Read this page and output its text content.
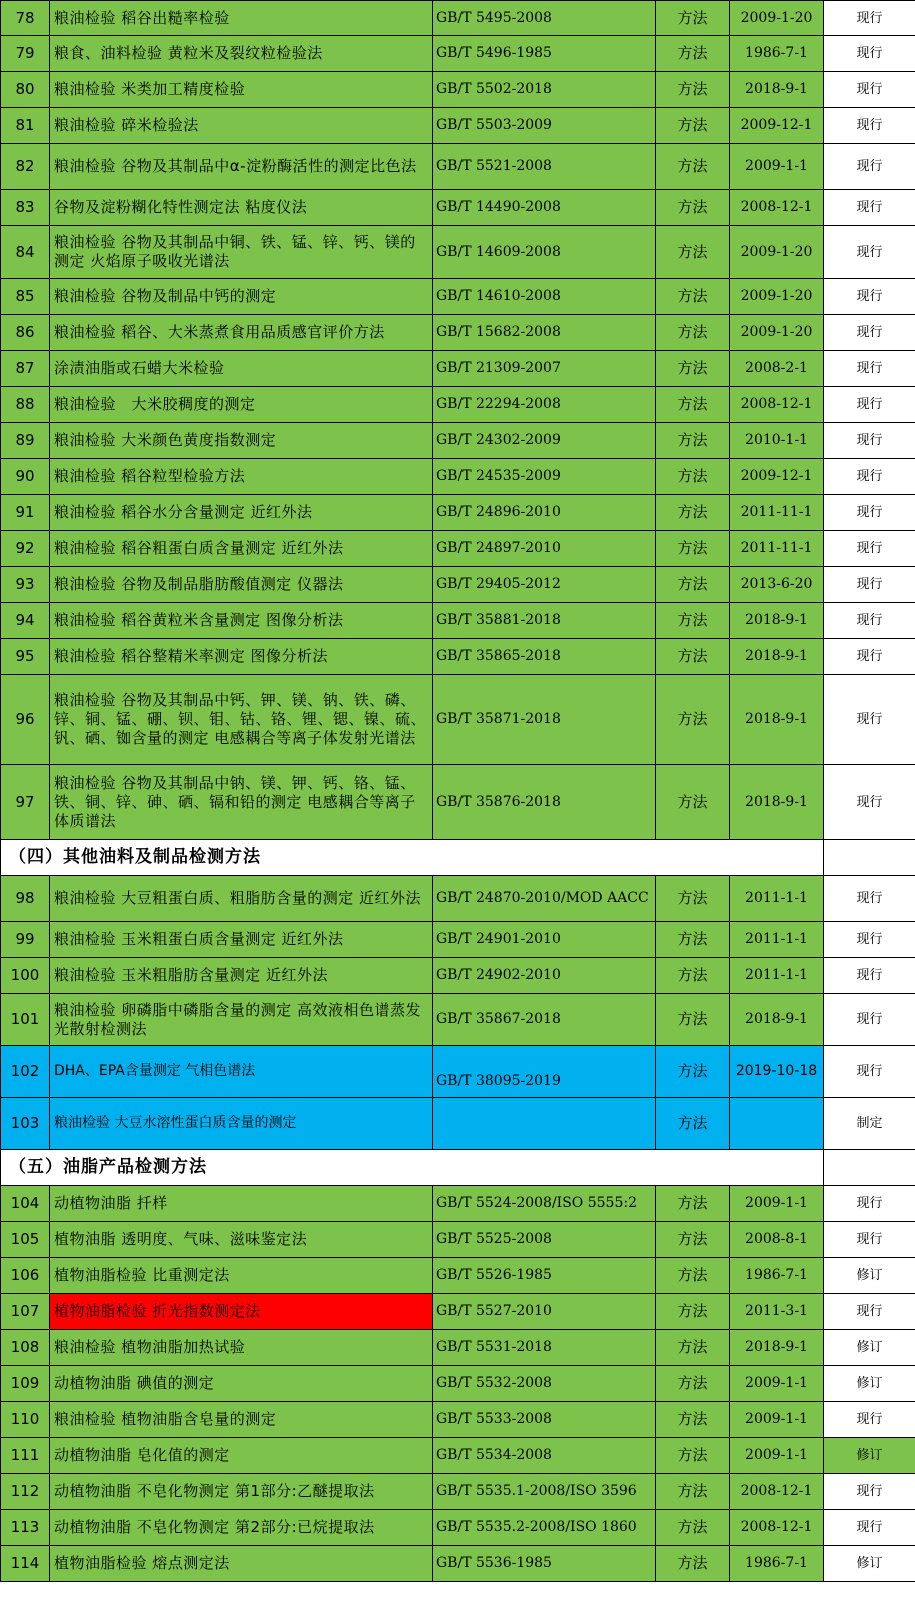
78	粮油检验 稻谷出糙率检验	GB/T 5495-2008	方法	2009-1-20	现行
79	粮食、油料检验 黄粒米及裂纹粒检验法	GB/T 5496-1985	方法	1986-7-1	现行
80	粮油检验 米类加工精度检验	GB/T 5502-2018	方法	2018-9-1	现行
81	粮油检验 碎米检验法	GB/T 5503-2009	方法	2009-12-1	现行
82	粮油检验 谷物及其制品中α-淀粉酶活性的测定比色法	GB/T 5521-2008	方法	2009-1-1	现行
83	谷物及淀粉糊化特性测定法 粘度仪法	GB/T 14490-2008	方法	2008-12-1	现行
84	粮油检验 谷物及其制品中铜、铁、锰、锌、钙、镁的测定 火焰原子吸收光谱法	GB/T 14609-2008	方法	2009-1-20	现行
85	粮油检验 谷物及制品中钙的测定	GB/T 14610-2008	方法	2009-1-20	现行
86	粮油检验 稻谷、大米蒸煮食用品质感官评价方法	GB/T 15682-2008	方法	2009-1-20	现行
87	涂渍油脂或石蜡大米检验	GB/T 21309-2007	方法	2008-2-1	现行
88	粮油检验　大米胶稠度的测定	GB/T 22294-2008	方法	2008-12-1	现行
89	粮油检验 大米颜色黄度指数测定	GB/T 24302-2009	方法	2010-1-1	现行
90	粮油检验 稻谷粒型检验方法	GB/T 24535-2009	方法	2009-12-1	现行
91	粮油检验 稻谷水分含量测定 近红外法	GB/T 24896-2010	方法	2011-11-1	现行
92	粮油检验 稻谷粗蛋白质含量测定 近红外法	GB/T 24897-2010	方法	2011-11-1	现行
93	粮油检验 谷物及制品脂肪酸值测定 仪器法	GB/T 29405-2012	方法	2013-6-20	现行
94	粮油检验 稻谷黄粒米含量测定 图像分析法	GB/T 35881-2018	方法	2018-9-1	现行
95	粮油检验 稻谷整精米率测定 图像分析法	GB/T 35865-2018	方法	2018-9-1	现行
96	粮油检验 谷物及其制品中钙、钾、镁、钠、铁、磷、锌、铜、锰、硼、钡、钼、钴、铬、锂、锶、镍、硫、钒、硒、铷含量的测定 电感耦合等离子体发射光谱法	GB/T 35871-2018	方法	2018-9-1	现行
97	粮油检验 谷物及其制品中钠、镁、钾、钙、铬、锰、铁、铜、锌、砷、硒、镉和铅的测定 电感耦合等离子体质谱法	GB/T 35876-2018	方法	2018-9-1	现行
（四）其他油料及制品检测方法					
98	粮油检验 大豆粗蛋白质、粗脂肪含量的测定 近红外法	GB/T 24870-2010/MOD AACC	方法	2011-1-1	现行
99	粮油检验 玉米粗蛋白质含量测定 近红外法	GB/T 24901-2010	方法	2011-1-1	现行
100	粮油检验 玉米粗脂肪含量测定 近红外法	GB/T 24902-2010	方法	2011-1-1	现行
101	粮油检验 卵磷脂中磷脂含量的测定 高效液相色谱蒸发光散射检测法	GB/T 35867-2018	方法	2018-9-1	现行
102	DHA、EPA含量测定 气相色谱法	GB/T 38095-2019	方法	2019-10-18	现行
103	粮油检验 大豆水溶性蛋白质含量的测定		方法		制定
（五）油脂产品检测方法					
104	动植物油脂 扦样	GB/T 5524-2008/ISO 5555:2	方法	2009-1-1	现行
105	植物油脂 透明度、气味、滋味鉴定法	GB/T 5525-2008	方法	2008-8-1	现行
106	植物油脂检验 比重测定法	GB/T 5526-1985	方法	1986-7-1	修订
107	植物油脂检验 折光指数测定法	GB/T 5527-2010	方法	2011-3-1	现行
108	粮油检验 植物油脂加热试验	GB/T 5531-2018	方法	2018-9-1	修订
109	动植物油脂 碘值的测定	GB/T 5532-2008	方法	2009-1-1	修订
110	粮油检验 植物油脂含皂量的测定	GB/T 5533-2008	方法	2009-1-1	现行
111	动植物油脂 皂化值的测定	GB/T 5534-2008	方法	2009-1-1	修订
112	动植物油脂 不皂化物测定 第1部分:乙醚提取法	GB/T 5535.1-2008/ISO 3596	方法	2008-12-1	现行
113	动植物油脂 不皂化物测定 第2部分:已烷提取法	GB/T 5535.2-2008/ISO 1860	方法	2008-12-1	现行
114	植物油脂检验 熔点测定法	GB/T 5536-1985	方法	1986-7-1	修订
